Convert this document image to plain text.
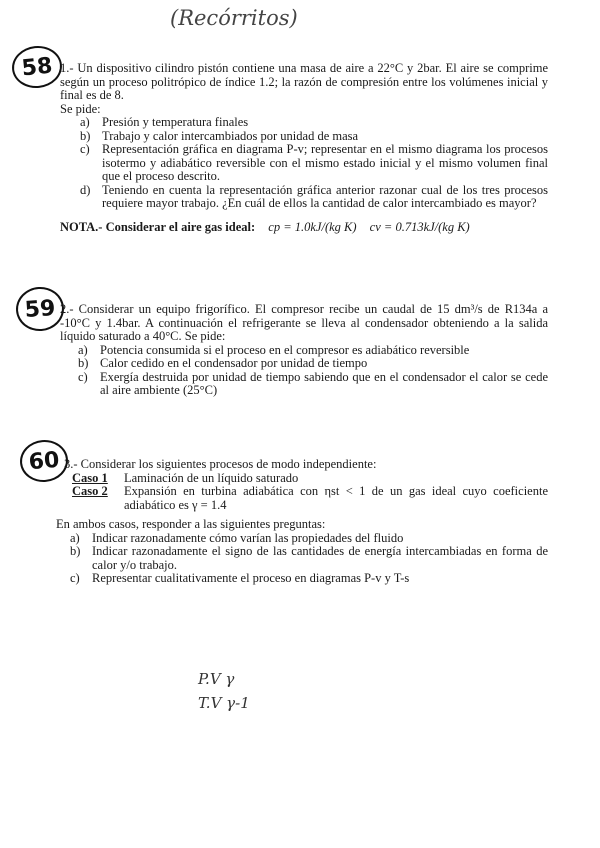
(Recórritos)
58 1.- Un dispositivo cilindro pistón contiene una masa de aire a 22°C y 2bar. El aire se comprime según un proceso politrópico de índice 1.2; la razón de compresión entre los volúmenes inicial y final es de 8.

Se pide:

a) Presión y temperatura finales
b) Trabajo y calor intercambiados por unidad de masa
c) Representación gráfica en diagrama P-v; representar en el mismo diagrama los procesos isotermo y adiabático reversible con el mismo estado inicial y el mismo volumen final que el proceso descrito.
d) Teniendo en cuenta la representación gráfica anterior razonar cual de los tres procesos requiere mayor trabajo. ¿En cuál de ellos la cantidad de calor intercambiado es mayor?
NOTA.- Considerar el aire gas ideal: cp = 1.0kJ/(kg K) cv = 0.713kJ/(kg K)
59 2.- Considerar un equipo frigorífico. El compresor recibe un caudal de 15 dm³/s de R134a a -10°C y 1.4bar. A continuación el refrigerante se lleva al condensador obteniendo a la salida líquido saturado a 40°C. Se pide:

a) Potencia consumida si el proceso en el compresor es adiabático reversible
b) Calor cedido en el condensador por unidad de tiempo
c) Exergía destruida por unidad de tiempo sabiendo que en el condensador el calor se cede al aire ambiente (25°C)
60 3.- Considerar los siguientes procesos de modo independiente:

Caso 1	Laminación de un líquido saturado
Caso 2	Expansión en turbina adiabática con ηst < 1 de un gas ideal cuyo coeficiente adiabático es γ = 1.4

En ambos casos, responder a las siguientes preguntas:

a) Indicar razonadamente cómo varían las propiedades del fluido
b) Indicar razonadamente el signo de las cantidades de energía intercambiadas en forma de calor y/o trabajo.
c) Representar cualitativamente el proceso en diagramas P-v y T-s
P.V γ
T.V γ-1
